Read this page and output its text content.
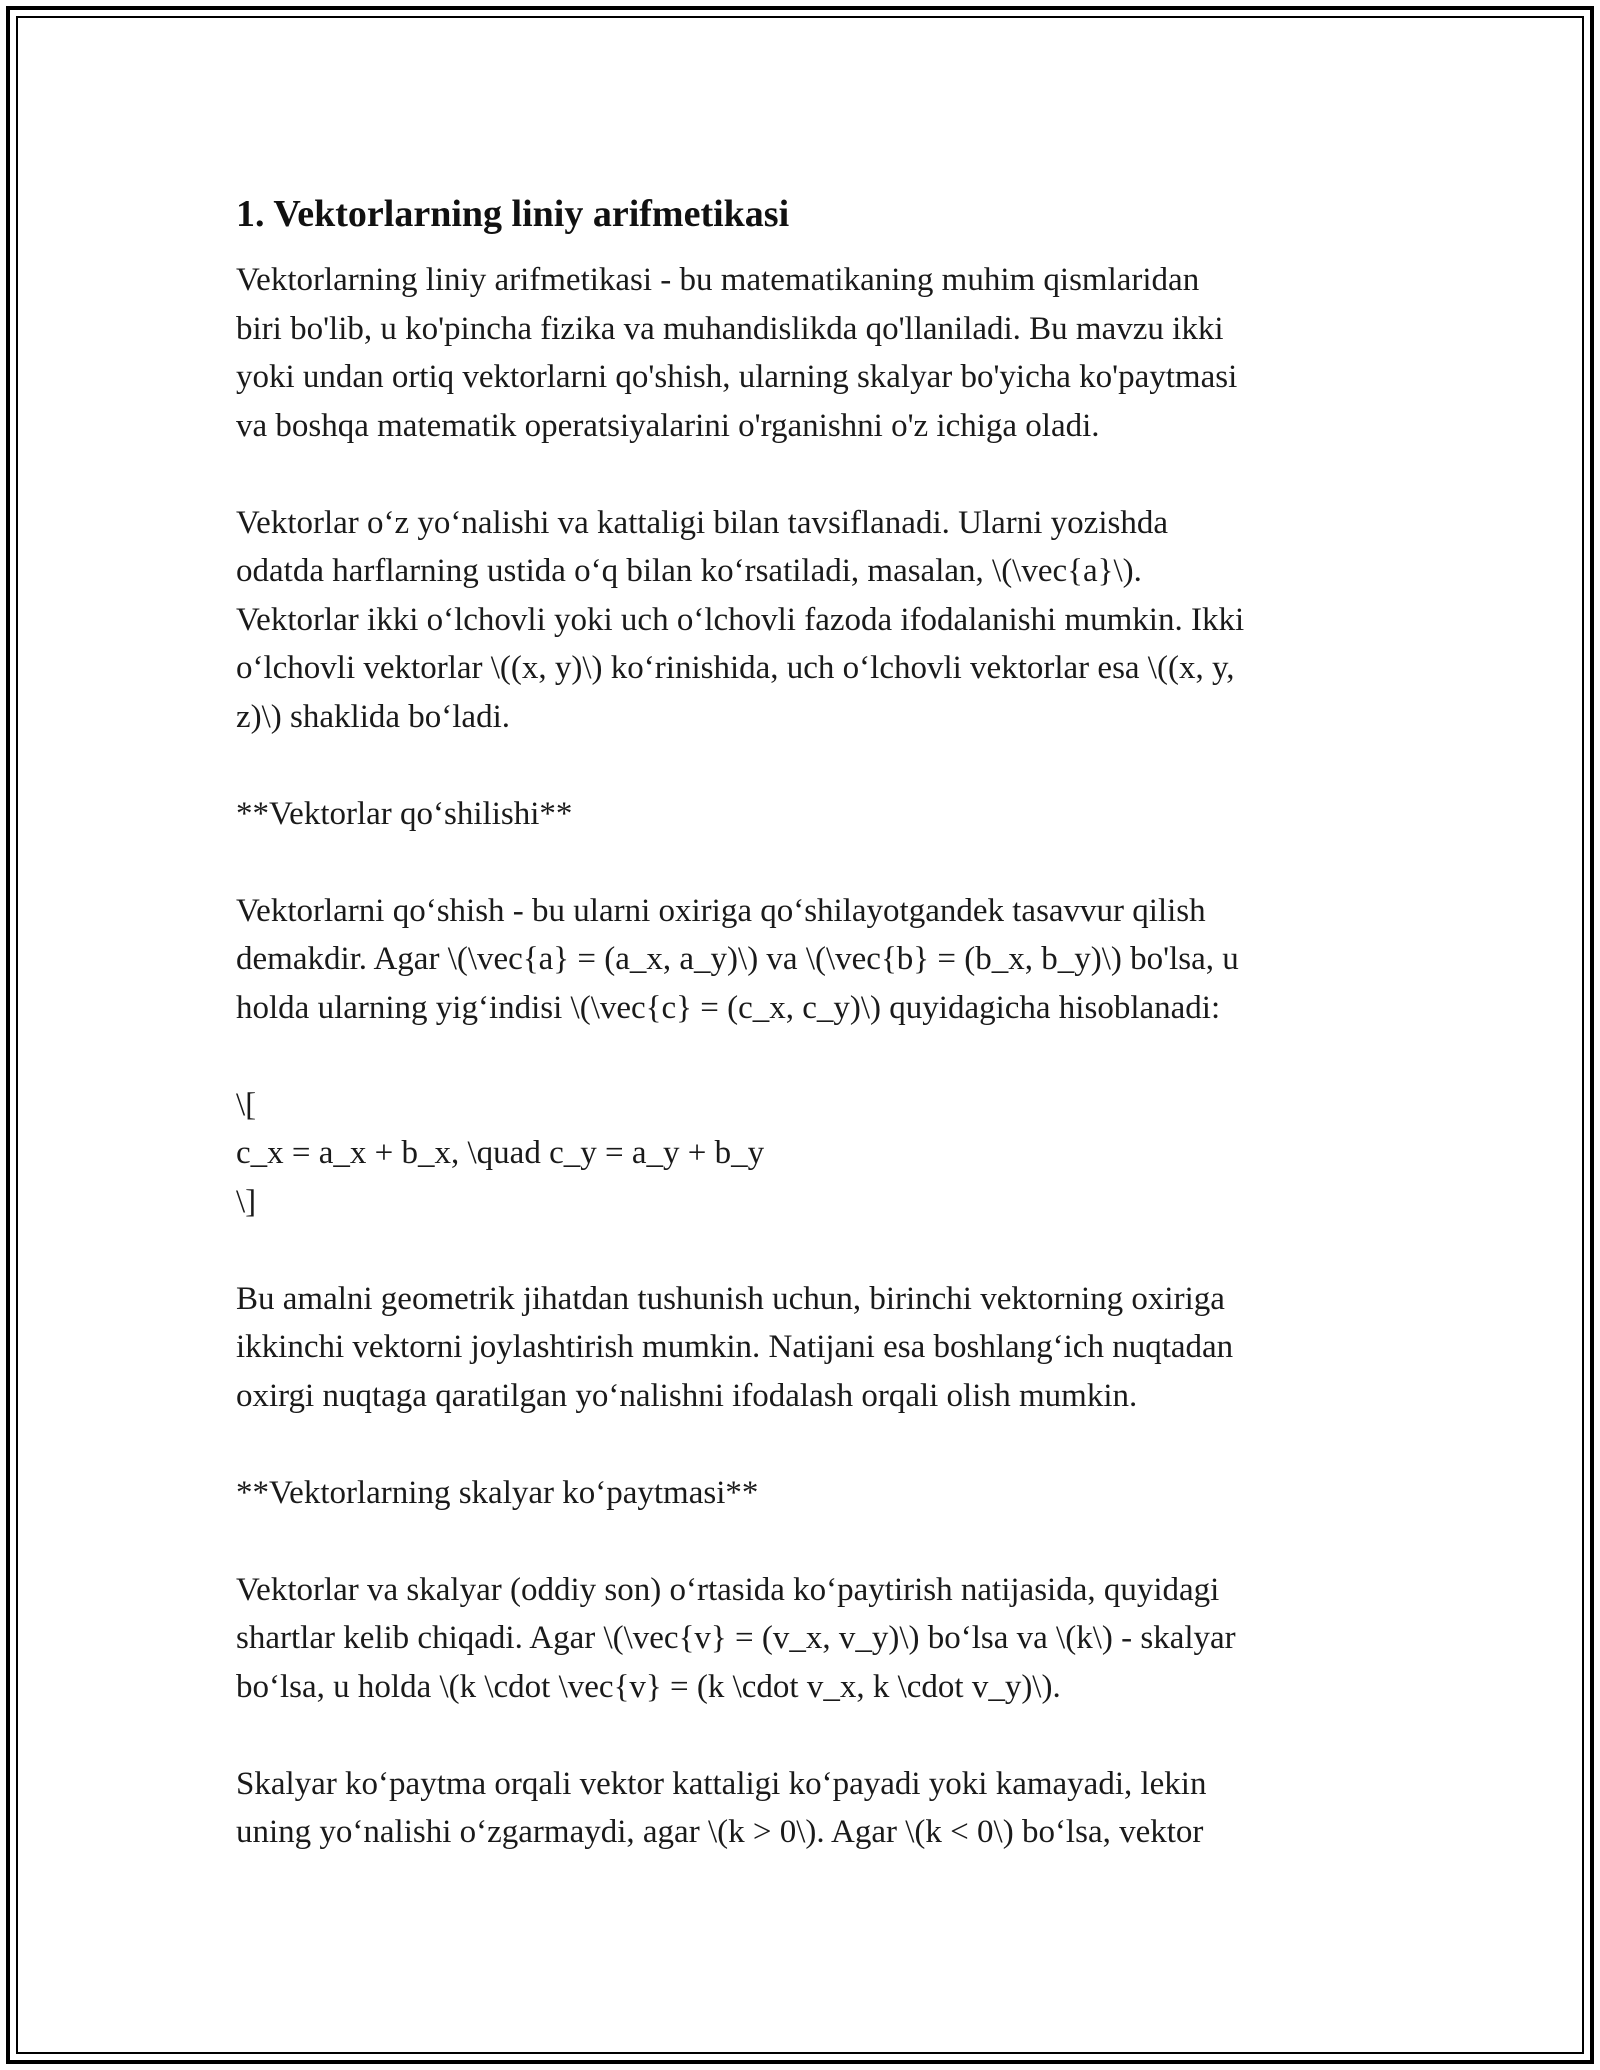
1. Vektorlarning liniy arifmetikasi
Vektorlarning liniy arifmetikasi - bu matematikaning muhim qismlaridan
biri bo'lib, u ko'pincha fizika va muhandislikda qo'llaniladi. Bu mavzu ikki
yoki undan ortiq vektorlarni qo'shish, ularning skalyar bo'yicha ko'paytmasi
va boshqa matematik operatsiyalarini o'rganishni o'z ichiga oladi.
Vektorlar o‘z yo‘nalishi va kattaligi bilan tavsiflanadi. Ularni yozishda
odatda harflarning ustida o‘q bilan ko‘rsatiladi, masalan, \(\vec{a}\).
Vektorlar ikki o‘lchovli yoki uch o‘lchovli fazoda ifodalanishi mumkin. Ikki
o‘lchovli vektorlar \((x, y)\) ko‘rinishida, uch o‘lchovli vektorlar esa \((x, y,
z)\) shaklida bo‘ladi.
**Vektorlar qo‘shilishi**
Vektorlarni qo‘shish - bu ularni oxiriga qo‘shilayotgandek tasavvur qilish
demakdir. Agar \(\vec{a} = (a_x, a_y)\) va \(\vec{b} = (b_x, b_y)\) bo'lsa, u
holda ularning yig‘indisi \(\vec{c} = (c_x, c_y)\) quyidagicha hisoblanadi:
\[
c_x = a_x + b_x, \quad c_y = a_y + b_y
\]
Bu amalni geometrik jihatdan tushunish uchun, birinchi vektorning oxiriga
ikkinchi vektorni joylashtirish mumkin. Natijani esa boshlang‘ich nuqtadan
oxirgi nuqtaga qaratilgan yo‘nalishni ifodalash orqali olish mumkin.
**Vektorlarning skalyar ko‘paytmasi**
Vektorlar va skalyar (oddiy son) o‘rtasida ko‘paytirish natijasida, quyidagi
shartlar kelib chiqadi. Agar \(\vec{v} = (v_x, v_y)\) bo‘lsa va \(k\) - skalyar
bo‘lsa, u holda \(k \cdot \vec{v} = (k \cdot v_x, k \cdot v_y)\).
Skalyar ko‘paytma orqali vektor kattaligi ko‘payadi yoki kamayadi, lekin
uning yo‘nalishi o‘zgarmaydi, agar \(k > 0\). Agar \(k < 0\) bo‘lsa, vektor
